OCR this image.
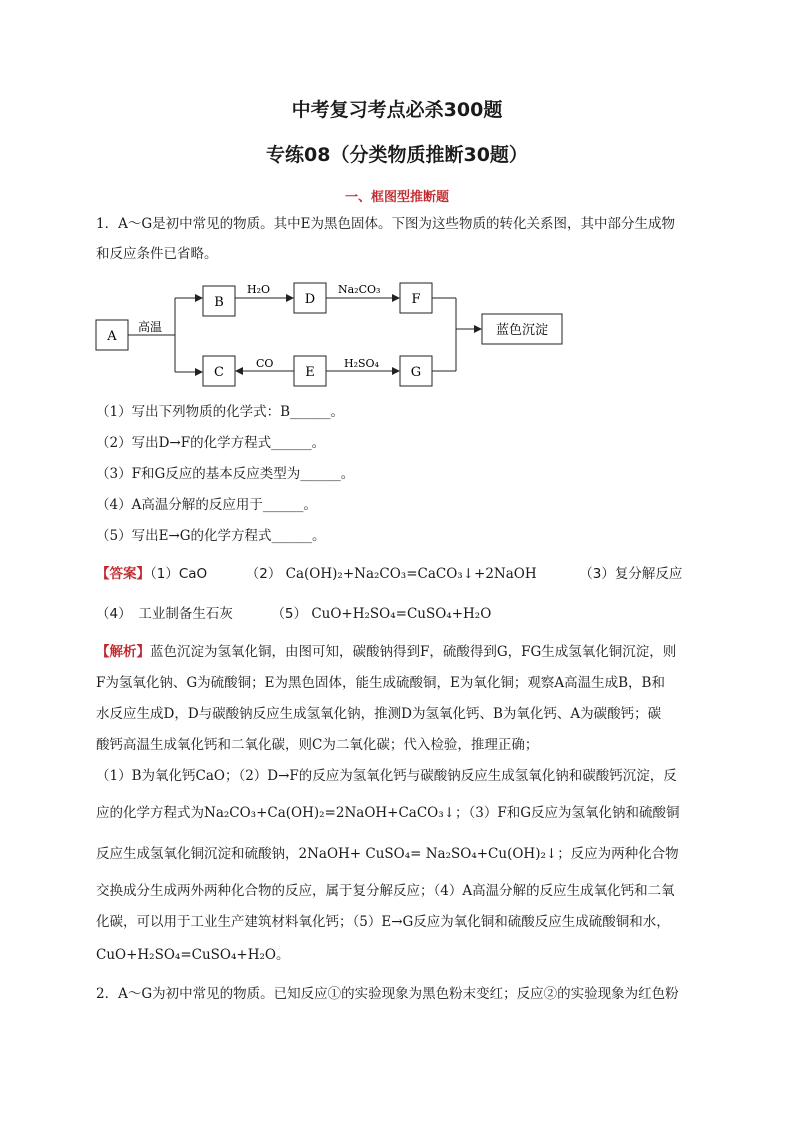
中考复习考点必杀300题
专练08（分类物质推断30题）
一、框图型推断题
1．A～G是初中常见的物质。其中E为黑色固体。下图为这些物质的转化关系图，其中部分生成物
和反应条件已省略。
A
B	D	F
C	E	G
蓝色沉淀
高温
H₂O	Na₂CO₃
CO	H₂SO₄
（1）写出下列物质的化学式：B______。
（2）写出D→F的化学方程式______。
（3）F和G反应的基本反应类型为______。
（4）A高温分解的反应用于______。
（5）写出E→G的化学方程式______。
【答案】（1）CaO	（2） Ca(OH)₂+Na₂CO₃=CaCO₃↓+2NaOH	（3）复分解反应
（4）　工业制备生石灰	（5） CuO+H₂SO₄=CuSO₄+H₂O
【解析】蓝色沉淀为氢氧化铜，由图可知，碳酸钠得到F，硫酸得到G，FG生成氢氧化铜沉淀，则
F为氢氧化钠、G为硫酸铜；E为黑色固体，能生成硫酸铜，E为氧化铜；观察A高温生成B，B和
水反应生成D，D与碳酸钠反应生成氢氧化钠，推测D为氢氧化钙、B为氧化钙、A为碳酸钙；碳
酸钙高温生成氧化钙和二氧化碳，则C为二氧化碳；代入检验，推理正确；
（1）B为氧化钙CaO；（2）D→F的反应为氢氧化钙与碳酸钠反应生成氢氧化钠和碳酸钙沉淀，反
应的化学方程式为Na₂CO₃+Ca(OH)₂=2NaOH+CaCO₃↓；（3）F和G反应为氢氧化钠和硫酸铜
反应生成氢氧化铜沉淀和硫酸钠，2NaOH+ CuSO₄= Na₂SO₄+Cu(OH)₂↓；反应为两种化合物
交换成分生成两外两种化合物的反应，属于复分解反应；（4）A高温分解的反应生成氧化钙和二氧
化碳，可以用于工业生产建筑材料氧化钙；（5）E→G反应为氧化铜和硫酸反应生成硫酸铜和水，
CuO+H₂SO₄=CuSO₄+H₂O。
2．A～G为初中常见的物质。已知反应①的实验现象为黑色粉末变红；反应②的实验现象为红色粉
